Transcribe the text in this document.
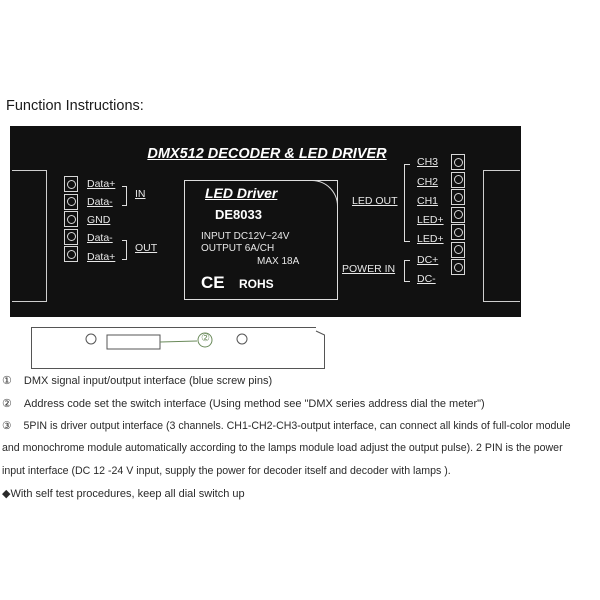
Function Instructions:
DMX512 DECODER & LED DRIVER
Data+
Data-
GND
Data-
Data+
IN
OUT
LED Driver
DE8033
INPUT DC12V~24V
OUTPUT 6A/CH
MAX 18A
CE ROHS
LED OUT
CH3
CH2
CH1
LED+
LED+
POWER IN
DC+
DC-
②
① DMX signal input/output interface (blue screw pins)
② Address code set the switch interface (Using method see "DMX series address dial the meter")
③ 5PIN is driver output interface (3 channels. CH1-CH2-CH3-output interface, can connect all kinds of full-color module
and monochrome module automatically according to the lamps module load adjust the output pulse). 2 PIN is the power
input interface (DC 12 -24 V input, supply the power for decoder itself and decoder with lamps ).
◆With self test procedures, keep all dial switch up
